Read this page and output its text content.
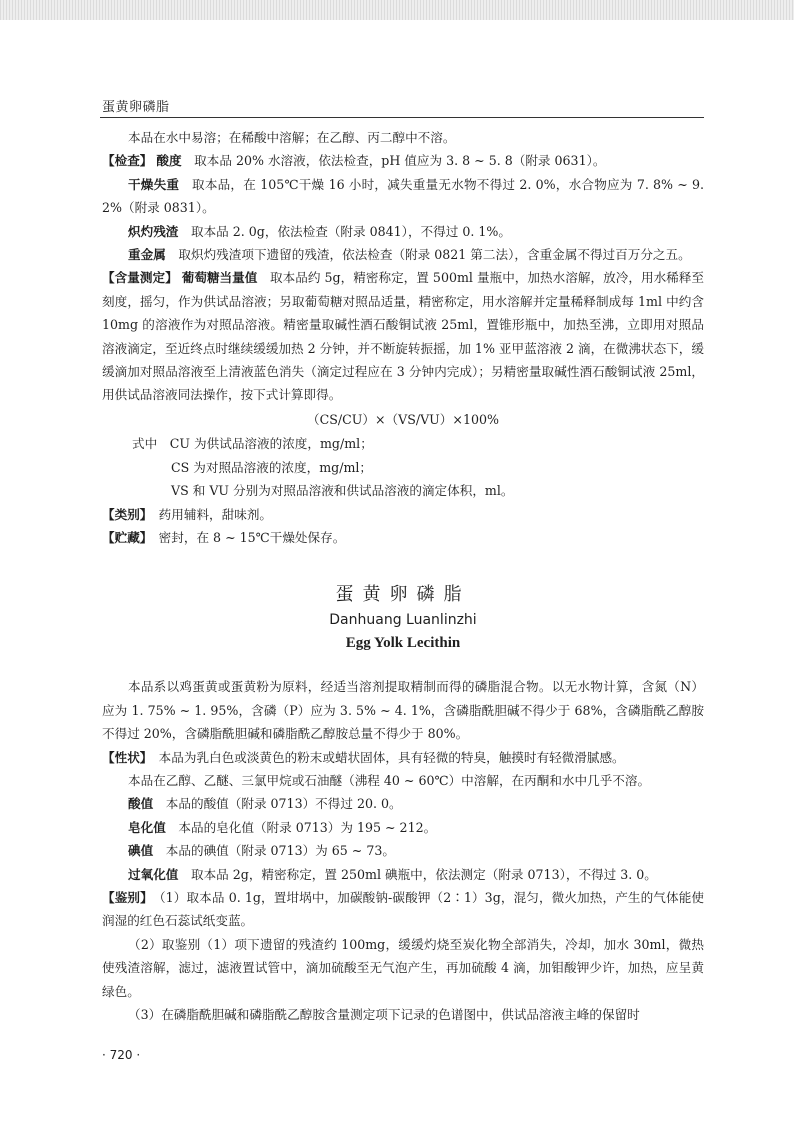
蛋黄卵磷脂

本品在水中易溶；在稀酸中溶解；在乙醇、丙二醇中不溶。

【检查】 酸度　 取本品 20% 水溶液，依法检查，pH 值应为 3. 8 ~ 5. 8（附录 0631）。

干燥失重　 取本品，在 105℃干燥 16 小时，减失重量无水物不得过 2. 0%，水合物应为 7. 8% ~ 9. 2%（附录 0831）。

炽灼残渣　 取本品 2. 0g，依法检查（附录 0841），不得过 0. 1%。

重金属　 取炽灼残渣项下遗留的残渣，依法检查（附录 0821 第二法），含重金属不得过百万分之五。

【含量测定】 葡萄糖当量值　 取本品约 5g，精密称定，置 500ml 量瓶中，加热水溶解，放冷，用水稀释至刻度，摇匀，作为供试品溶液；另取葡萄糖对照品适量，精密称定，用水溶解并定量稀释制成每 1ml 中约含 10mg 的溶液作为对照品溶液。精密量取碱性酒石酸铜试液 25ml，置锥形瓶中，加热至沸，立即用对照品溶液滴定，至近终点时继续缓缓加热 2 分钟，并不断旋转振摇，加 1% 亚甲蓝溶液 2 滴，在微沸状态下，缓缓滴加对照品溶液至上清液蓝色消失（滴定过程应在 3 分钟内完成）；另精密量取碱性酒石酸铜试液 25ml，用供试品溶液同法操作，按下式计算即得。

（CS/CU）×（VS/VU）×100%

式中　 CU 为供试品溶液的浓度，mg/ml；

CS 为对照品溶液的浓度，mg/ml；

VS 和 VU 分别为对照品溶液和供试品溶液的滴定体积，ml。

【类别】　 药用辅料，甜味剂。

【贮藏】　 密封，在 8 ~ 15℃干燥处保存。

蛋黄卵磷脂

Danhuang Luanlinzhi

Egg Yolk Lecithin

本品系以鸡蛋黄或蛋黄粉为原料，经适当溶剂提取精制而得的磷脂混合物。以无水物计算，含氮（N）应为 1. 75% ~ 1. 95%，含磷（P）应为 3. 5% ~ 4. 1%，含磷脂酰胆碱不得少于 68%，含磷脂酰乙醇胺不得过 20%，含磷脂酰胆碱和磷脂酰乙醇胺总量不得少于 80%。

【性状】　 本品为乳白色或淡黄色的粉末或蜡状固体，具有轻微的特臭，触摸时有轻微滑腻感。

本品在乙醇、乙醚、三氯甲烷或石油醚（沸程 40 ~ 60℃）中溶解，在丙酮和水中几乎不溶。

酸值　 本品的酸值（附录 0713）不得过 20. 0。

皂化值　 本品的皂化值（附录 0713）为 195 ~ 212。

碘值　 本品的碘值（附录 0713）为 65 ~ 73。

过氧化值　 取本品 2g，精密称定，置 250ml 碘瓶中，依法测定（附录 0713），不得过 3. 0。

【鉴别】　 （1）取本品 0. 1g，置坩埚中，加碳酸钠-碳酸钾（2∶1）3g，混匀，微火加热，产生的气体能使润湿的红色石蕊试纸变蓝。

（2）取鉴别（1）项下遗留的残渣约 100mg，缓缓灼烧至炭化物全部消失，冷却，加水 30ml，微热使残渣溶解，滤过，滤液置试管中，滴加硫酸至无气泡产生，再加硫酸 4 滴，加钼酸钾少许，加热，应呈黄绿色。

（3）在磷脂酰胆碱和磷脂酰乙醇胺含量测定项下记录的色谱图中，供试品溶液主峰的保留时

· 720 ·
